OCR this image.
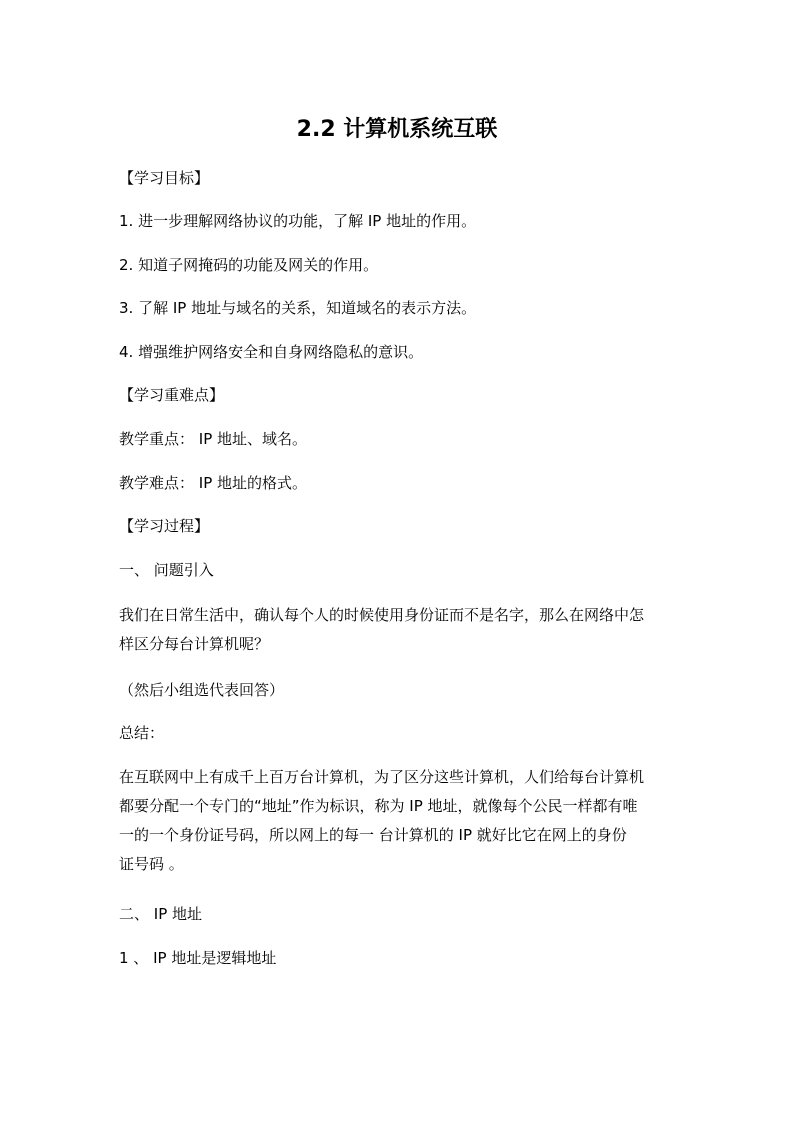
2.2 计算机系统互联
【学习目标】
1. 进一步理解网络协议的功能，了解 IP 地址的作用。
2. 知道子网掩码的功能及网关的作用。
3. 了解 IP 地址与域名的关系，知道域名的表示方法。
4. 增强维护网络安全和自身网络隐私的意识。
【学习重难点】
教学重点： IP 地址、域名。
教学难点： IP 地址的格式。
【学习过程】
一、 问题引入
我们在日常生活中，确认每个人的时候使用身份证而不是名字，那么在网络中怎
样区分每台计算机呢？
（然后小组选代表回答）
总结：
在互联网中上有成千上百万台计算机，为了区分这些计算机，人们给每台计算机
都要分配一个专门的“地址”作为标识，称为 IP 地址，就像每个公民一样都有唯
一的一个身份证号码，所以网上的每一 台计算机的 IP 就好比它在网上的身份
证号码 。
二、 IP 地址
1 、 IP 地址是逻辑地址
